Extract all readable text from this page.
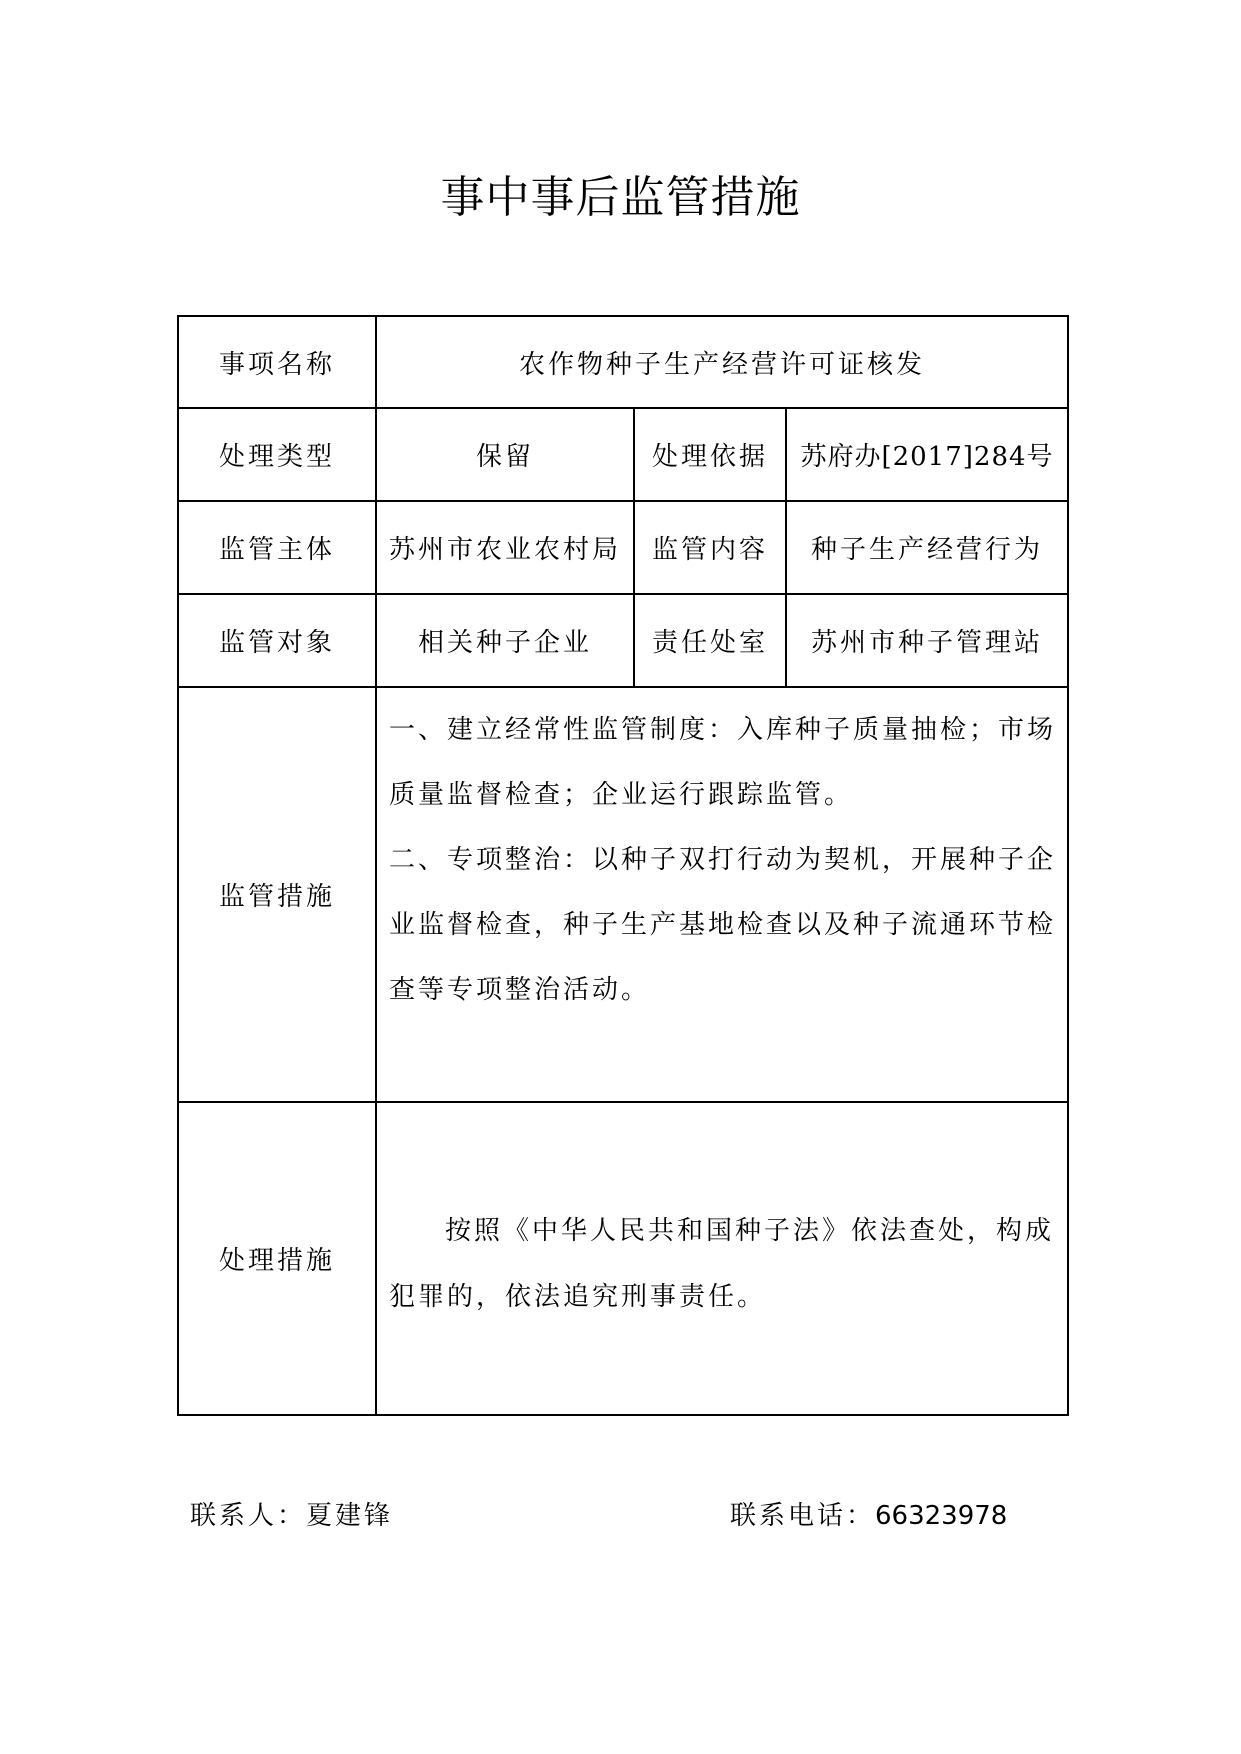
事中事后监管措施
事项名称	农作物种子生产经营许可证核发		
处理类型	保留	处理依据	苏府办[2017]284号
监管主体	苏州市农业农村局	监管内容	种子生产经营行为
监管对象	相关种子企业	责任处室	苏州市种子管理站
监管措施	一、建立经常性监管制度：入库种子质量抽检；市场质量监督检查；企业运行跟踪监管。

二、专项整治：以种子双打行动为契机，开展种子企业监督检查，种子生产基地检查以及种子流通环节检查等专项整治活动。		

处理措施	按照《中华人民共和国种子法》依法查处，构成犯罪的，依法追究刑事责任。		

联系人：夏建锋	联系电话：66323978
